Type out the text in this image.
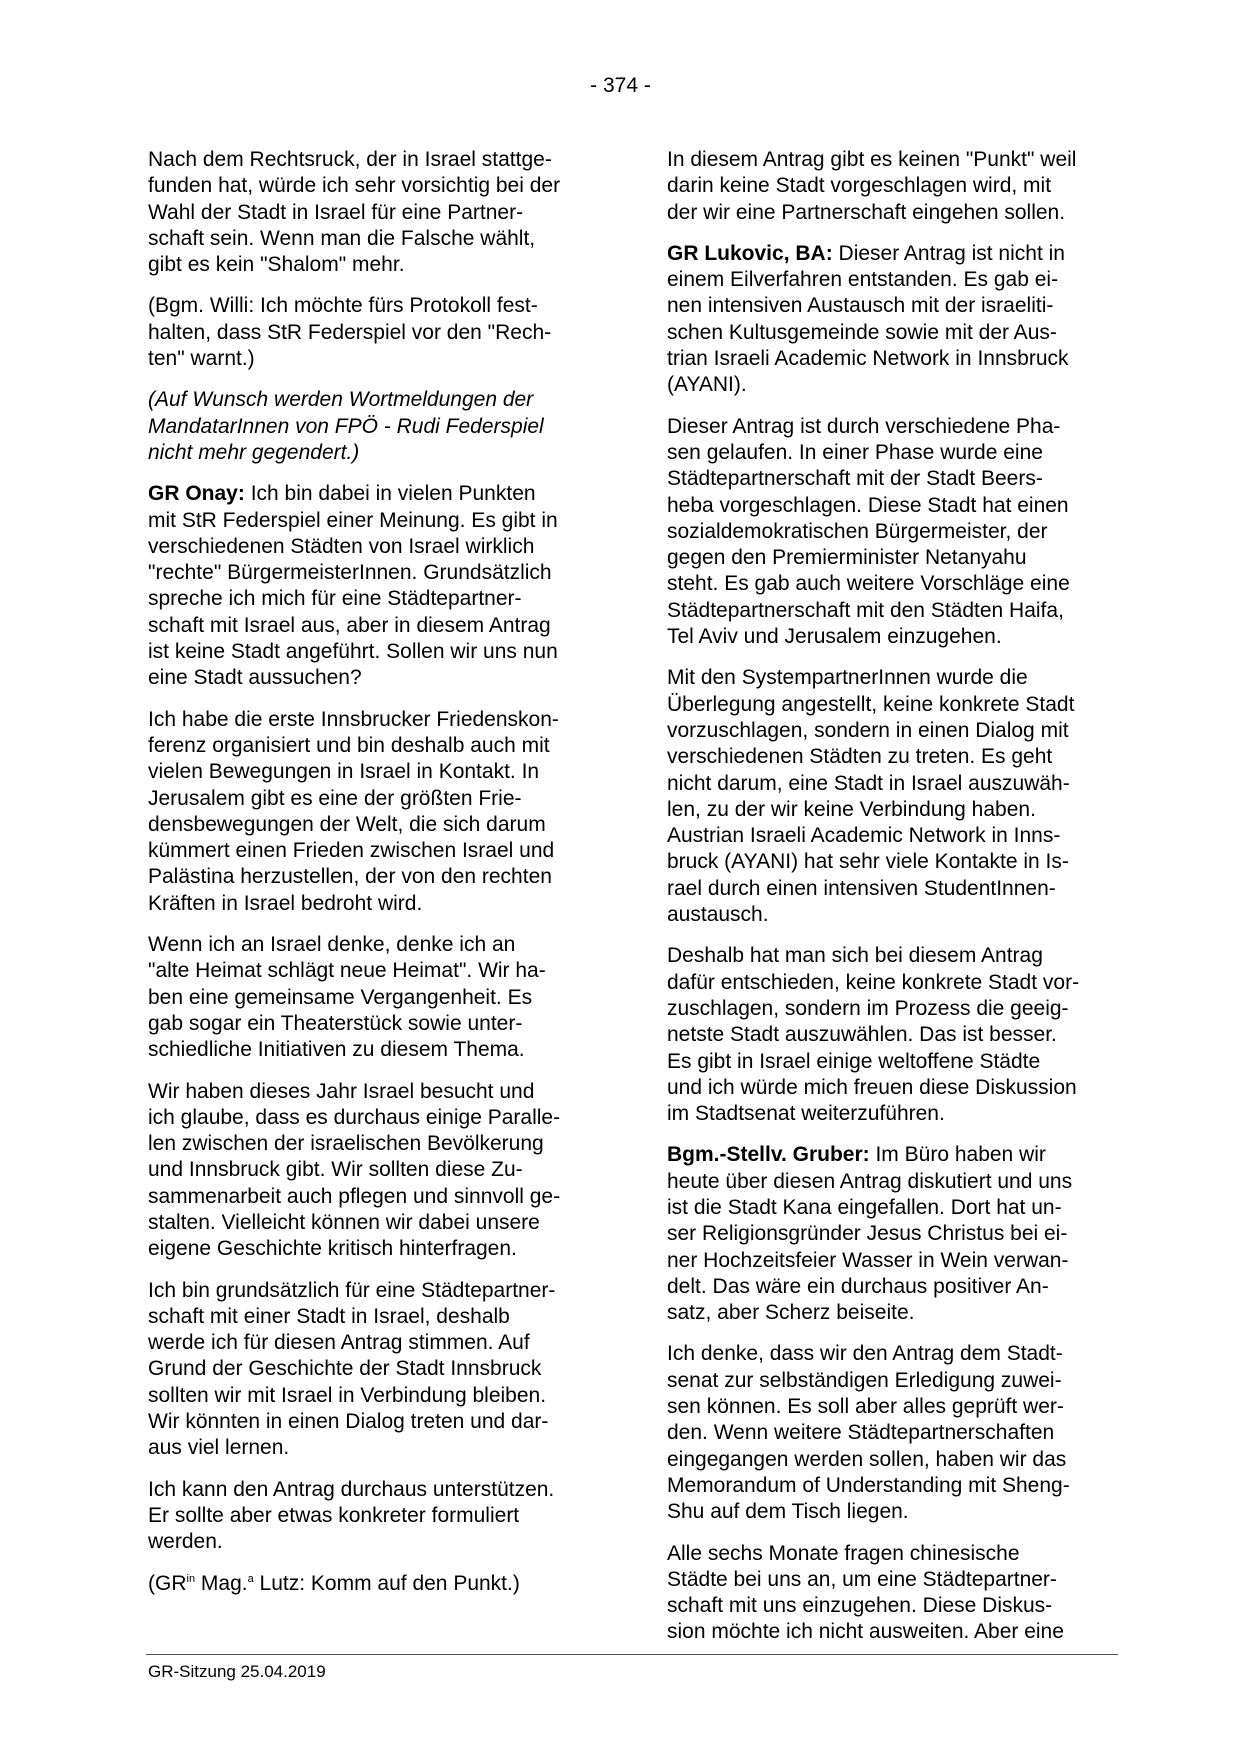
- 374 -

Nach dem Rechtsruck, der in Israel stattge-
funden hat, würde ich sehr vorsichtig bei der
Wahl der Stadt in Israel für eine Partner-
schaft sein. Wenn man die Falsche wählt,
gibt es kein "Shalom" mehr.

(Bgm. Willi: Ich möchte fürs Protokoll fest-
halten, dass StR Federspiel vor den "Rech-
ten" warnt.)

(Auf Wunsch werden Wortmeldungen der
MandatarInnen von FPÖ - Rudi Federspiel
nicht mehr gegendert.)

GR Onay: Ich bin dabei in vielen Punkten
mit StR Federspiel einer Meinung. Es gibt in
verschiedenen Städten von Israel wirklich
"rechte" BürgermeisterInnen. Grundsätzlich
spreche ich mich für eine Städtepartner-
schaft mit Israel aus, aber in diesem Antrag
ist keine Stadt angeführt. Sollen wir uns nun
eine Stadt aussuchen?

Ich habe die erste Innsbrucker Friedenskon-
ferenz organisiert und bin deshalb auch mit
vielen Bewegungen in Israel in Kontakt. In
Jerusalem gibt es eine der größten Frie-
densbewegungen der Welt, die sich darum
kümmert einen Frieden zwischen Israel und
Palästina herzustellen, der von den rechten
Kräften in Israel bedroht wird.

Wenn ich an Israel denke, denke ich an
"alte Heimat schlägt neue Heimat". Wir ha-
ben eine gemeinsame Vergangenheit. Es
gab sogar ein Theaterstück sowie unter-
schiedliche Initiativen zu diesem Thema.

Wir haben dieses Jahr Israel besucht und
ich glaube, dass es durchaus einige Paralle-
len zwischen der israelischen Bevölkerung
und Innsbruck gibt. Wir sollten diese Zu-
sammenarbeit auch pflegen und sinnvoll ge-
stalten. Vielleicht können wir dabei unsere
eigene Geschichte kritisch hinterfragen.

Ich bin grundsätzlich für eine Städtepartner-
schaft mit einer Stadt in Israel, deshalb
werde ich für diesen Antrag stimmen. Auf
Grund der Geschichte der Stadt Innsbruck
sollten wir mit Israel in Verbindung bleiben.
Wir könnten in einen Dialog treten und dar-
aus viel lernen.

Ich kann den Antrag durchaus unterstützen.
Er sollte aber etwas konkreter formuliert
werden.

($GR^{in}$ Mag.$^a$ Lutz: Komm auf den Punkt.)

In diesem Antrag gibt es keinen "Punkt" weil
darin keine Stadt vorgeschlagen wird, mit
der wir eine Partnerschaft eingehen sollen.

GR Lukovic, BA: Dieser Antrag ist nicht in
einem Eilverfahren entstanden. Es gab ei-
nen intensiven Austausch mit der israeliti-
schen Kultusgemeinde sowie mit der Aus-
trian Israeli Academic Network in Innsbruck
(AYANI).

Dieser Antrag ist durch verschiedene Pha-
sen gelaufen. In einer Phase wurde eine
Städtepartnerschaft mit der Stadt Beers-
heba vorgeschlagen. Diese Stadt hat einen
sozialdemokratischen Bürgermeister, der
gegen den Premierminister Netanyahu
steht. Es gab auch weitere Vorschläge eine
Städtepartnerschaft mit den Städten Haifa,
Tel Aviv und Jerusalem einzugehen.

Mit den SystempartnerInnen wurde die
Überlegung angestellt, keine konkrete Stadt
vorzuschlagen, sondern in einen Dialog mit
verschiedenen Städten zu treten. Es geht
nicht darum, eine Stadt in Israel auszuwäh-
len, zu der wir keine Verbindung haben.
Austrian Israeli Academic Network in Inns-
bruck (AYANI) hat sehr viele Kontakte in Is-
rael durch einen intensiven StudentInnen-
austausch.

Deshalb hat man sich bei diesem Antrag
dafür entschieden, keine konkrete Stadt vor-
zuschlagen, sondern im Prozess die geeig-
netste Stadt auszuwählen. Das ist besser.
Es gibt in Israel einige weltoffene Städte
und ich würde mich freuen diese Diskussion
im Stadtsenat weiterzuführen.

Bgm.-Stellv. Gruber: Im Büro haben wir
heute über diesen Antrag diskutiert und uns
ist die Stadt Kana eingefallen. Dort hat un-
ser Religionsgründer Jesus Christus bei ei-
ner Hochzeitsfeier Wasser in Wein verwan-
delt. Das wäre ein durchaus positiver An-
satz, aber Scherz beiseite.

Ich denke, dass wir den Antrag dem Stadt-
senat zur selbständigen Erledigung zuwei-
sen können. Es soll aber alles geprüft wer-
den. Wenn weitere Städtepartnerschaften
eingegangen werden sollen, haben wir das
Memorandum of Understanding mit Sheng-
Shu auf dem Tisch liegen.

Alle sechs Monate fragen chinesische
Städte bei uns an, um eine Städtepartner-
schaft mit uns einzugehen. Diese Diskus-
sion möchte ich nicht ausweiten. Aber eine

GR-Sitzung 25.04.2019
